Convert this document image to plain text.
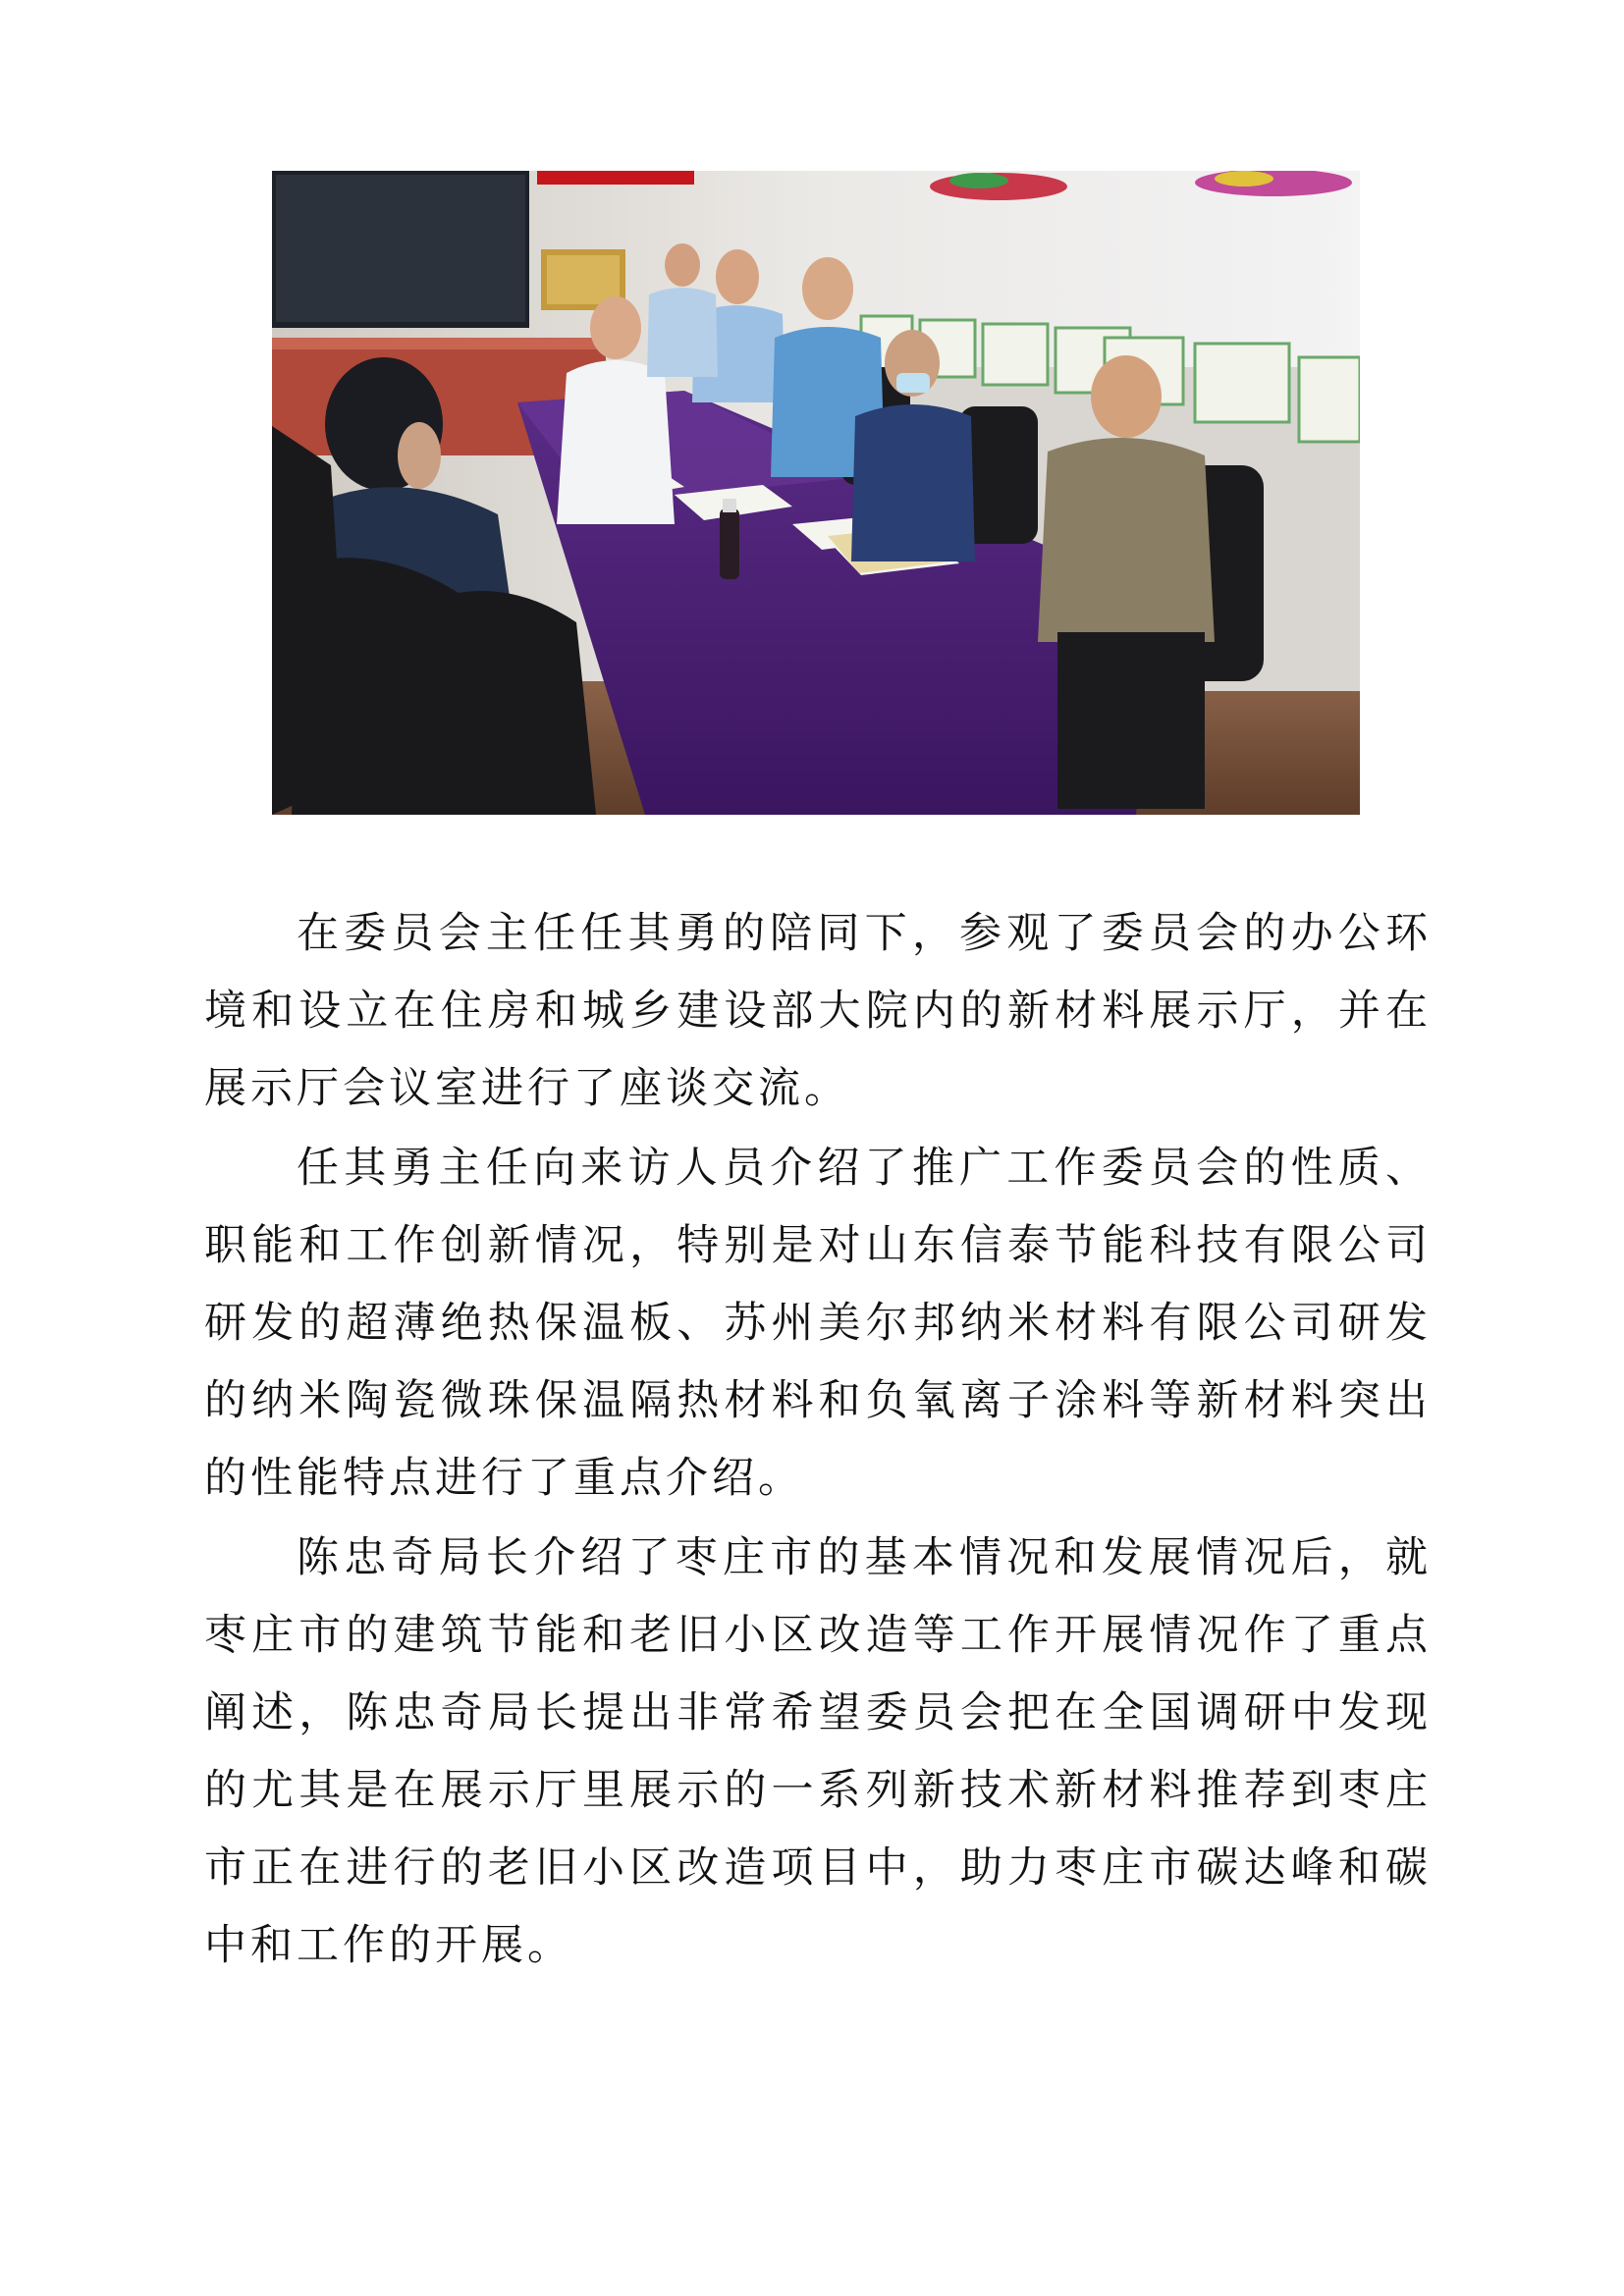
在委员会主任任其勇的陪同下，参观了委员会的办公环境和设立在住房和城乡建设部大院内的新材料展示厅，并在展示厅会议室进行了座谈交流。

任其勇主任向来访人员介绍了推广工作委员会的性质、职能和工作创新情况，特别是对山东信泰节能科技有限公司研发的超薄绝热保温板、苏州美尔邦纳米材料有限公司研发的纳米陶瓷微珠保温隔热材料和负氧离子涂料等新材料突出的性能特点进行了重点介绍。

陈忠奇局长介绍了枣庄市的基本情况和发展情况后，就枣庄市的建筑节能和老旧小区改造等工作开展情况作了重点阐述，陈忠奇局长提出非常希望委员会把在全国调研中发现的尤其是在展示厅里展示的一系列新技术新材料推荐到枣庄市正在进行的老旧小区改造项目中，助力枣庄市碳达峰和碳中和工作的开展。
